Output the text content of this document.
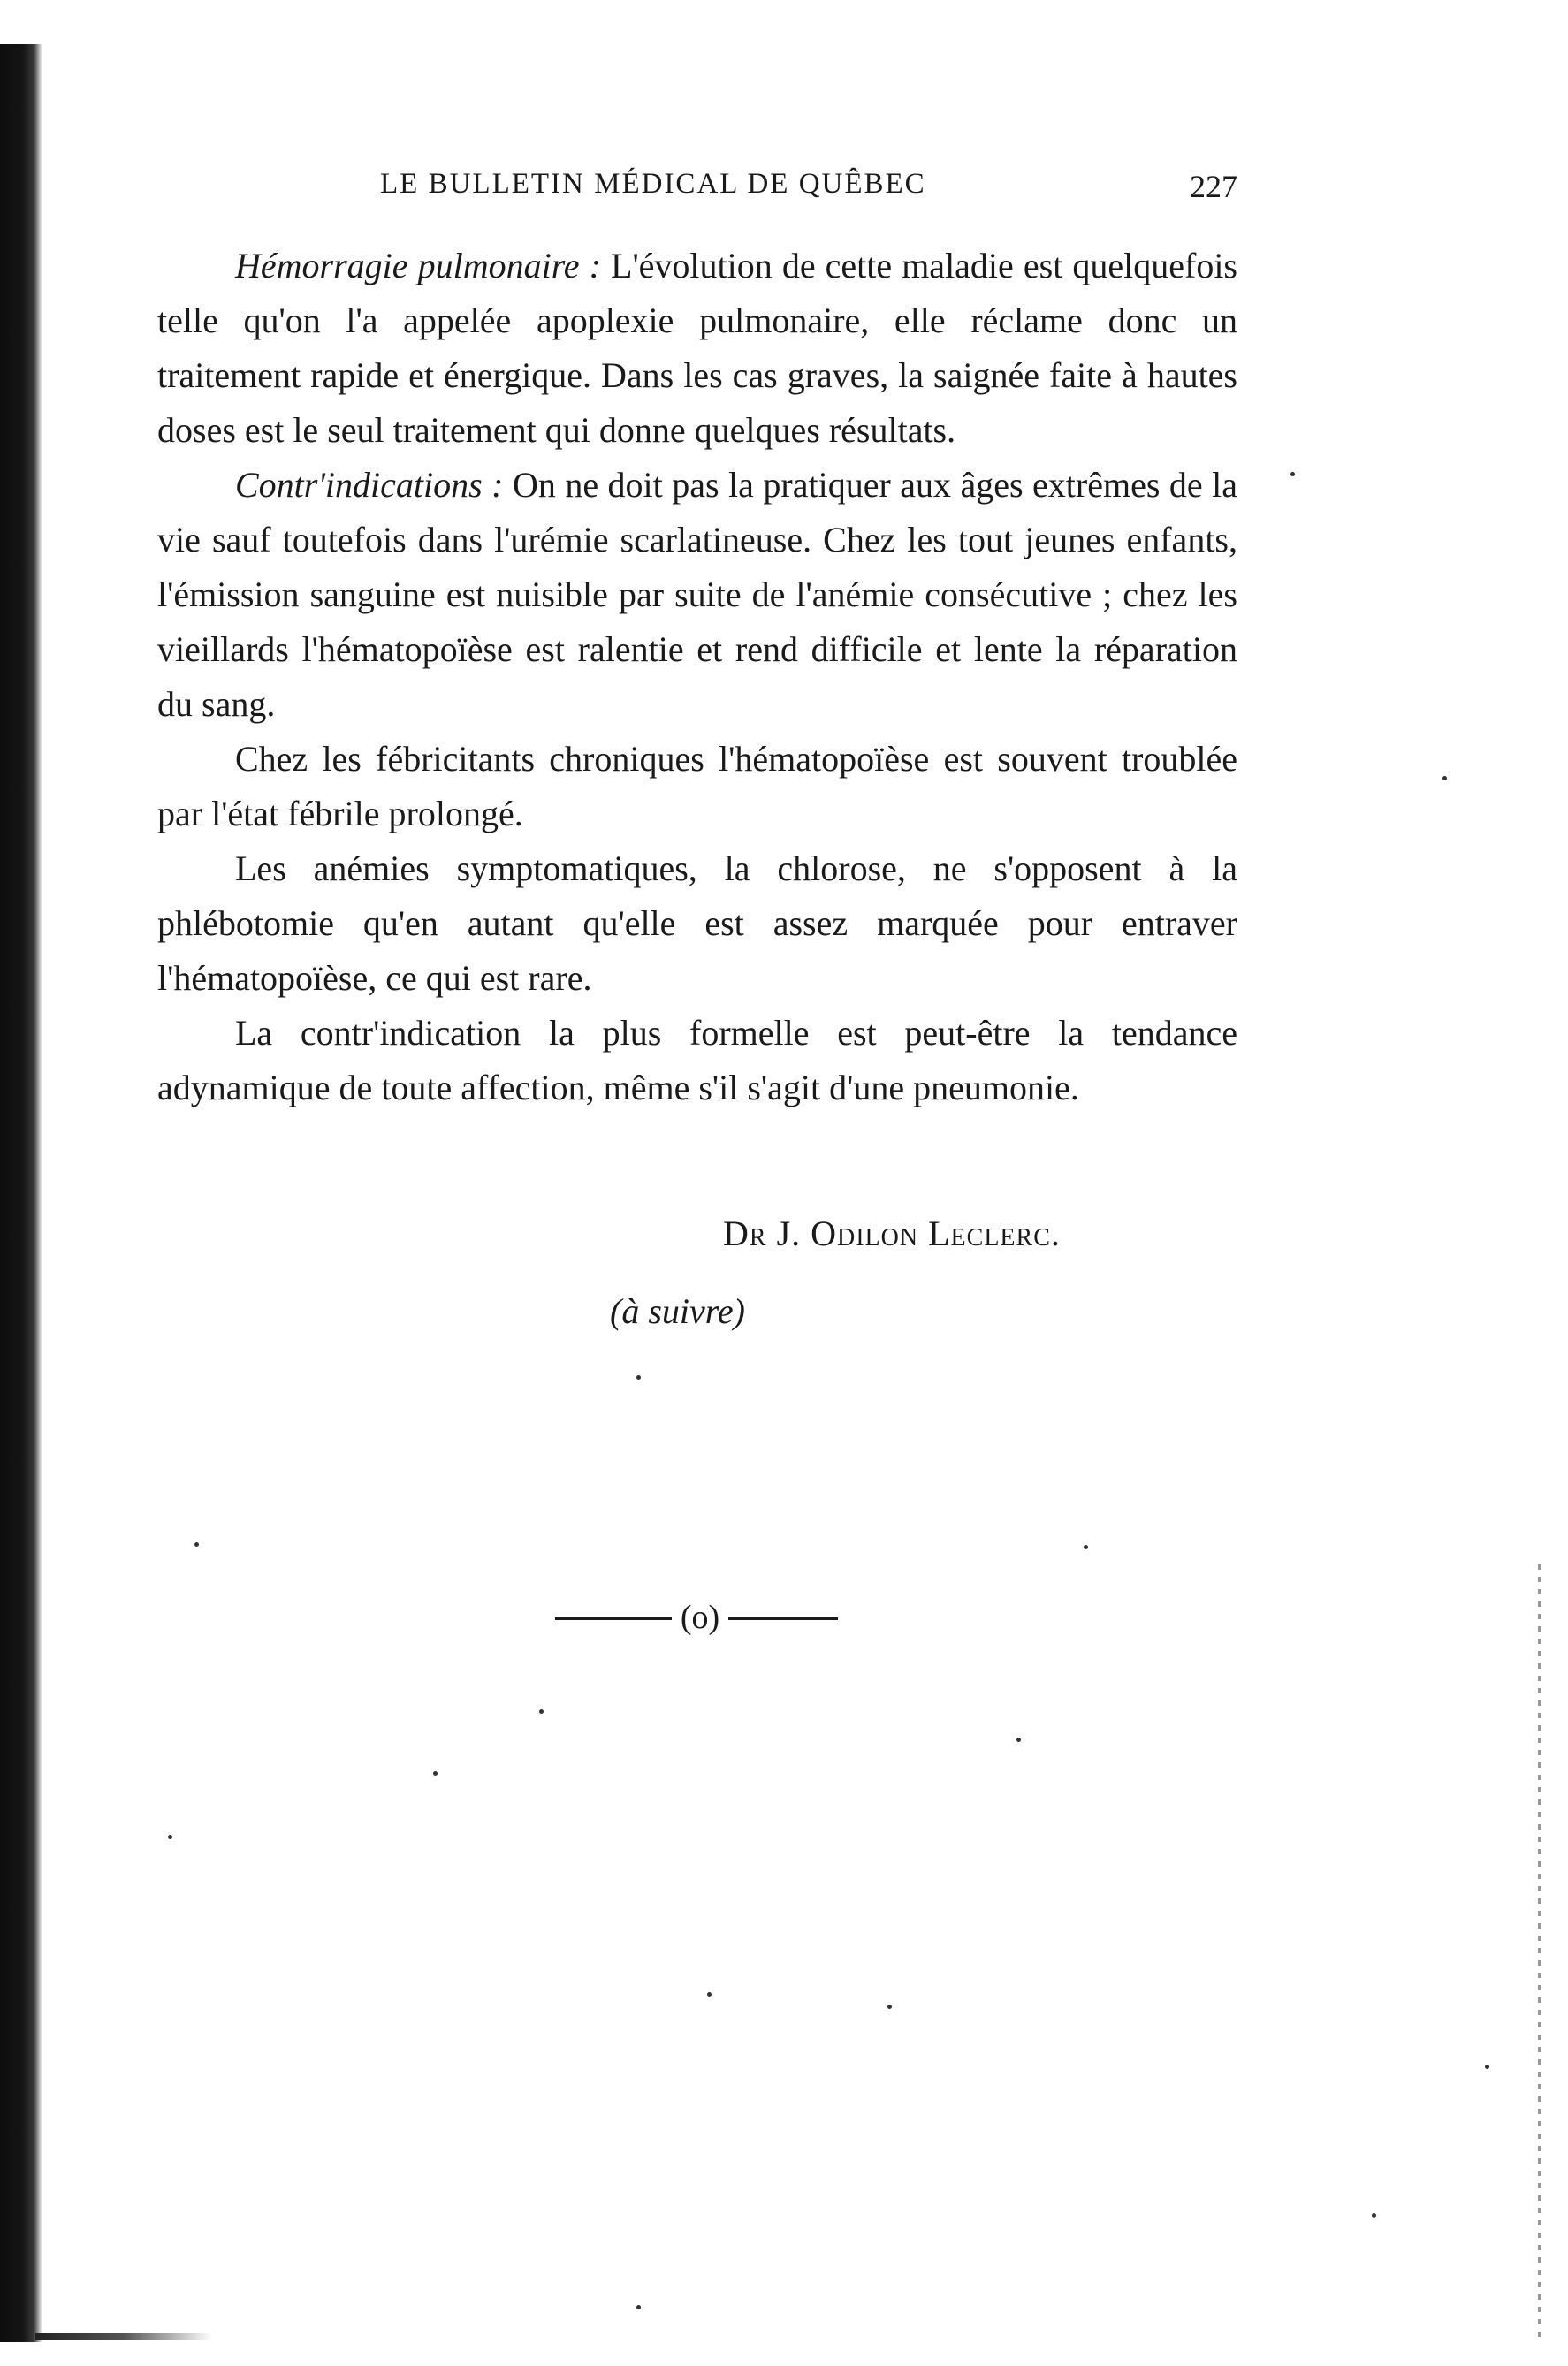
LE BULLETIN MÉDICAL DE QUÊBEC	227

Hémorragie pulmonaire : L'évolution de cette maladie est quelquefois telle qu'on l'a appelée apoplexie pulmonaire, elle réclame donc un traitement rapide et énergique. Dans les cas graves, la saignée faite à hautes doses est le seul traitement qui donne quelques résultats.

Contr'indications : On ne doit pas la pratiquer aux âges extrêmes de la vie sauf toutefois dans l'urémie scarlatineuse. Chez les tout jeunes enfants, l'émission sanguine est nuisible par suite de l'anémie consécutive ; chez les vieillards l'hématopoïèse est ralentie et rend difficile et lente la réparation du sang.

Chez les fébricitants chroniques l'hématopoïèse est souvent troublée par l'état fébrile prolongé.

Les anémies symptomatiques, la chlorose, ne s'opposent à la phlébotomie qu'en autant qu'elle est assez marquée pour entraver l'hématopoïèse, ce qui est rare.

La contr'indication la plus formelle est peut-être la tendance adynamique de toute affection, même s'il s'agit d'une pneumonie.

Dr J. Odilon Leclerc.
(à suivre)
(o)
